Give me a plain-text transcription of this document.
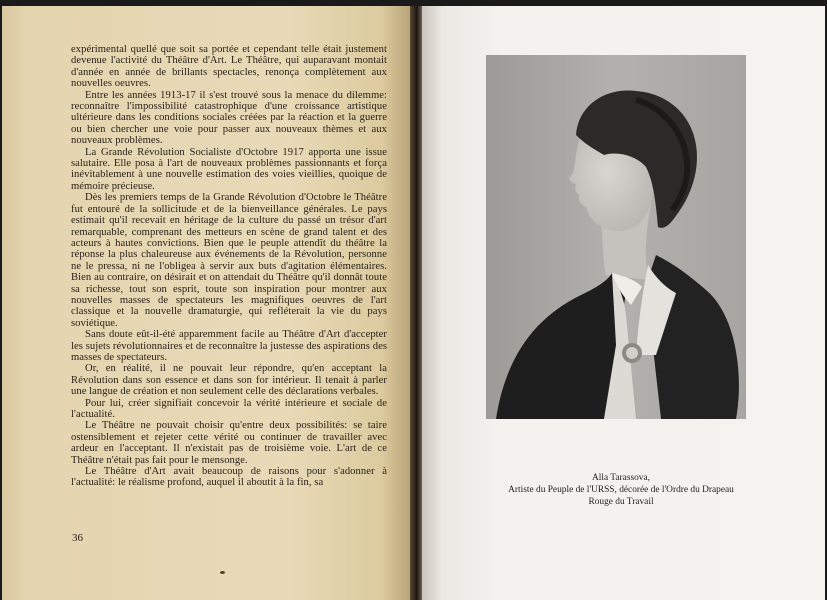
expérimental quellé que soit sa portée et cependant telle était justement devenue l'activité du Théâtre d'Art. Le Théâtre, qui auparavant montait d'année en année de brillants spectacles, renonça complètement aux nouvelles oeuvres.

Entre les années 1913-17 il s'est trouvé sous la menace du dilemme: reconnaître l'impossibilité catastrophique d'une croissance artistique ultérieure dans les conditions sociales créées par la réaction et la guerre ou bien chercher une voie pour passer aux nouveaux thèmes et aux nouveaux problèmes.

La Grande Révolution Socialiste d'Octobre 1917 apporta une issue salutaire. Elle posa à l'art de nouveaux problèmes passionnants et força inévitablement à une nouvelle estimation des voies vieillies, quoique de mémoire précieuse.

Dès les premiers temps de la Grande Révolution d'Octobre le Théâtre fut entouré de la sollicitude et de la bienveillance générales. Le pays estimait qu'il recevait en héritage de la culture du passé un trésor d'art remarquable, comprenant des metteurs en scène de grand talent et des acteurs à hautes convictions. Bien que le peuple attendît du théâtre la réponse la plus chaleureuse aux événements de la Révolution, personne ne le pressa, ni ne l'obligea à servir aux buts d'agitation élémentaires. Bien au contraire, on désirait et on attendait du Théâtre qu'il donnât toute sa richesse, tout son esprit, toute son inspiration pour montrer aux nouvelles masses de spectateurs les magnifiques oeuvres de l'art classique et la nouvelle dramaturgie, qui refléterait la vie du pays soviétique.

Sans doute eût-il-été apparemment facile au Théâtre d'Art d'accepter les sujets révolutionnaires et de reconnaître la justesse des aspirations des masses de spectateurs.

Or, en réalité, il ne pouvait leur répondre, qu'en acceptant la Révolution dans son essence et dans son for intérieur. Il tenait à parler une langue de création et non seulement celle des déclarations verbales.

Pour lui, créer signifiait concevoir la vérité intérieure et sociale de l'actualité.

Le Théâtre ne pouvait choisir qu'entre deux possibilités: se taire ostensiblement et rejeter cette vérité ou continuer de travailler avec ardeur en l'acceptant. Il n'existait pas de troisième voie. L'art de ce Théâtre n'était pas fait pour le mensonge.

Le Théâtre d'Art avait beaucoup de raisons pour s'adonner à l'actualité: le réalisme profond, auquel il aboutit à la fin, sa

36
Alla Tarassova,
Artiste du Peuple de l'URSS, décorée de l'Ordre du Drapeau
Rouge du Travail
